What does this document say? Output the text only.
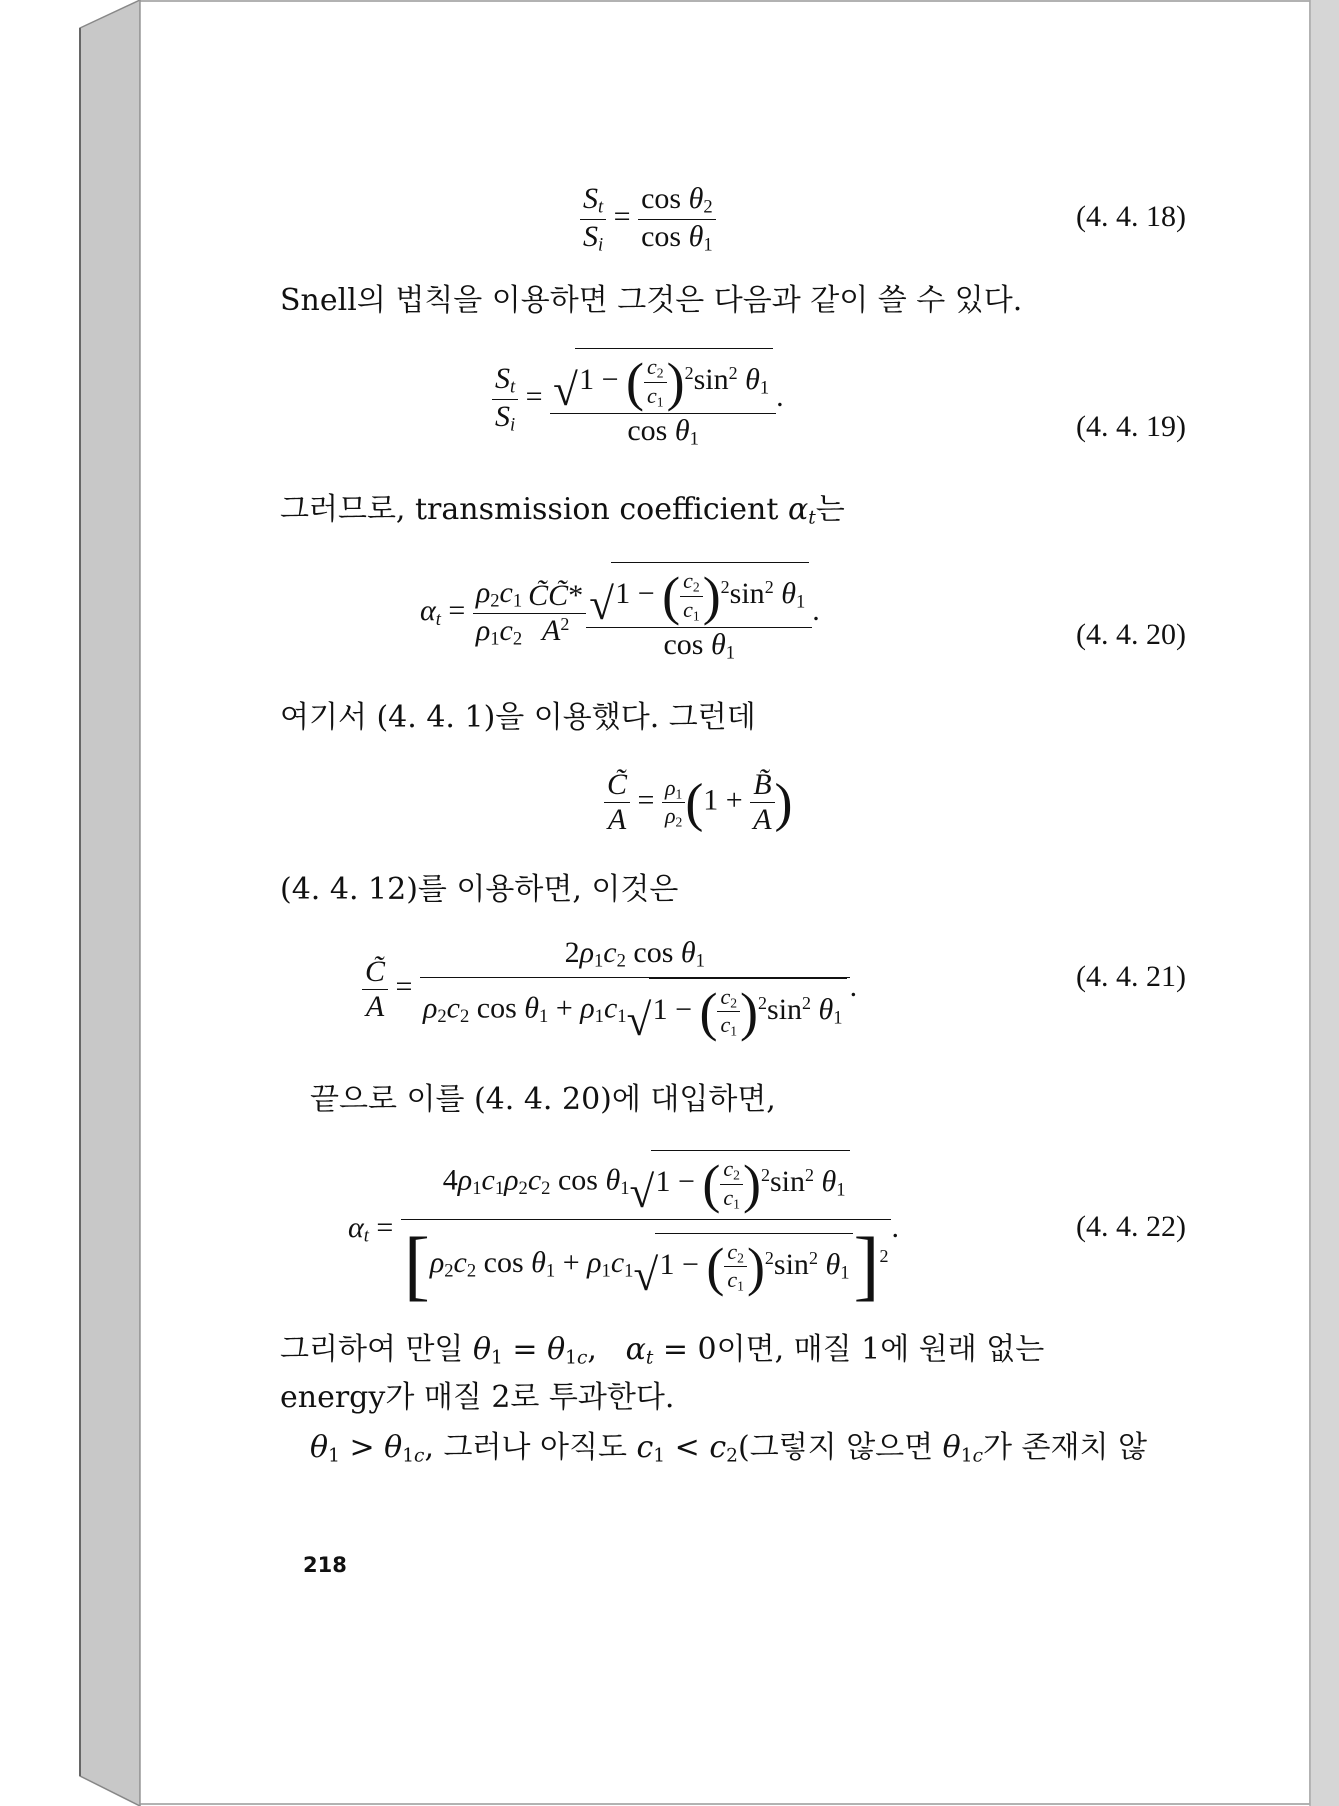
$\frac{S_t}{S_i} = \frac{\cos \theta_2}{\cos \theta_1}$	(4. 4. 18)
Snell의 법칙을 이용하면 그것은 다음과 같이 쓸 수 있다.
$\frac{S_t}{S_i} = \frac{√ 1 - ( \frac{c_2}{c_1} )^2\sin^2 \theta_1}{\cos \theta_1}$ .
(4. 4. 19)
그러므로, transmission coefficient $\alpha_t$는
$\alpha_t = \frac{\rho_2c_1}{\rho_1c_2} \frac{C̃C̃*}{A^2} \frac{√ 1 - ( \frac{c_2}{c_1} )^2\sin^2 \theta_1}{\cos \theta_1}$ .
(4. 4. 20)
여기서 (4. 4. 1)을 이용했다. 그런데
$\frac{C̃}{A} = \frac{\rho_1}{\rho_2} (1 + \frac{B̃}{A}$ )
(4. 4. 12)를 이용하면, 이것은
$\frac{C̃}{A} = \frac{2\rho_1c_2 \cos \theta_1}{\rho_2c_2 \cos \theta_1 + \rho_1c_1 √ 1 - ( \frac{c_2}{c_1} )^2\sin^2 \theta_1}$ .	(4. 4. 21)
끝으로 이를 (4. 4. 20)에 대입하면,
$\alpha_t = \frac{4\rho_1c_1\rho_2c_2 \cos \theta_1 √ 1 - ( \frac{c_2}{c_1} )^2\sin^2 \theta_1}{[\rho_2c_2 \cos \theta_1 + \rho_1c_1 √ 1 - ( \frac{c_2}{c_1} )^2\sin^2 \theta_1]^2}$ .	(4. 4. 22)
그리하여 만일 $\theta_1 = \theta_{1c}$,   $\alpha_t = 0$이면, 매질 1에 원래 없는
energy가 매질 2로 투과한다.
$\theta_1 > \theta_{1c}$, 그러나 아직도 $c_1 < c_2$(그렇지 않으면 $\theta_{1c}$가 존재치 않
218
